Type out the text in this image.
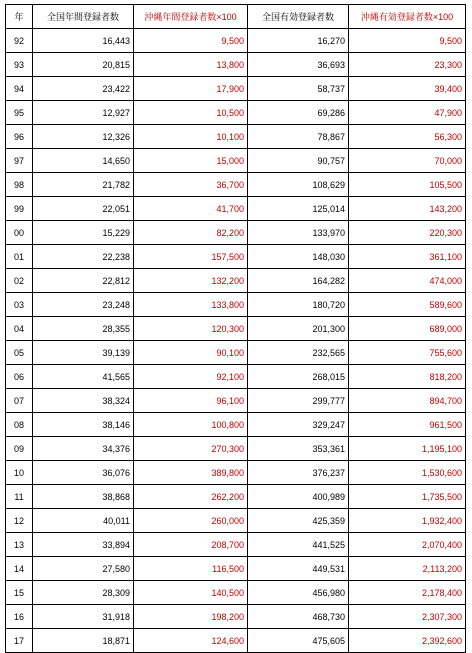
年	全国年間登録者数	沖縄年間登録者数×100	全国有効登録者数	沖縄有効登録者数×100
92	16,443	9,500	16,270	9,500
93	20,815	13,800	36,693	23,300
94	23,422	17,900	58,737	39,400
95	12,927	10,500	69,286	47,900
96	12,326	10,100	78,867	56,300
97	14,650	15,000	90,757	70,000
98	21,782	36,700	108,629	105,500
99	22,051	41,700	125,014	143,200
00	15,229	82,200	133,970	220,300
01	22,238	157,500	148,030	361,100
02	22,812	132,200	164,282	474,000
03	23,248	133,800	180,720	589,600
04	28,355	120,300	201,300	689,000
05	39,139	90,100	232,565	755,600
06	41,565	92,100	268,015	818,200
07	38,324	96,100	299,777	894,700
08	38,146	100,800	329,247	961,500
09	34,376	270,300	353,361	1,195,100
10	36,076	389,800	376,237	1,530,600
11	38,868	262,200	400,989	1,735,500
12	40,011	260,000	425,359	1,932,400
13	33,894	208,700	441,525	2,070,400
14	27,580	116,500	449,531	2,113,200
15	28,309	140,500	456,980	2,178,400
16	31,918	198,200	468,730	2,307,300
17	18,871	124,600	475,605	2,392,600
